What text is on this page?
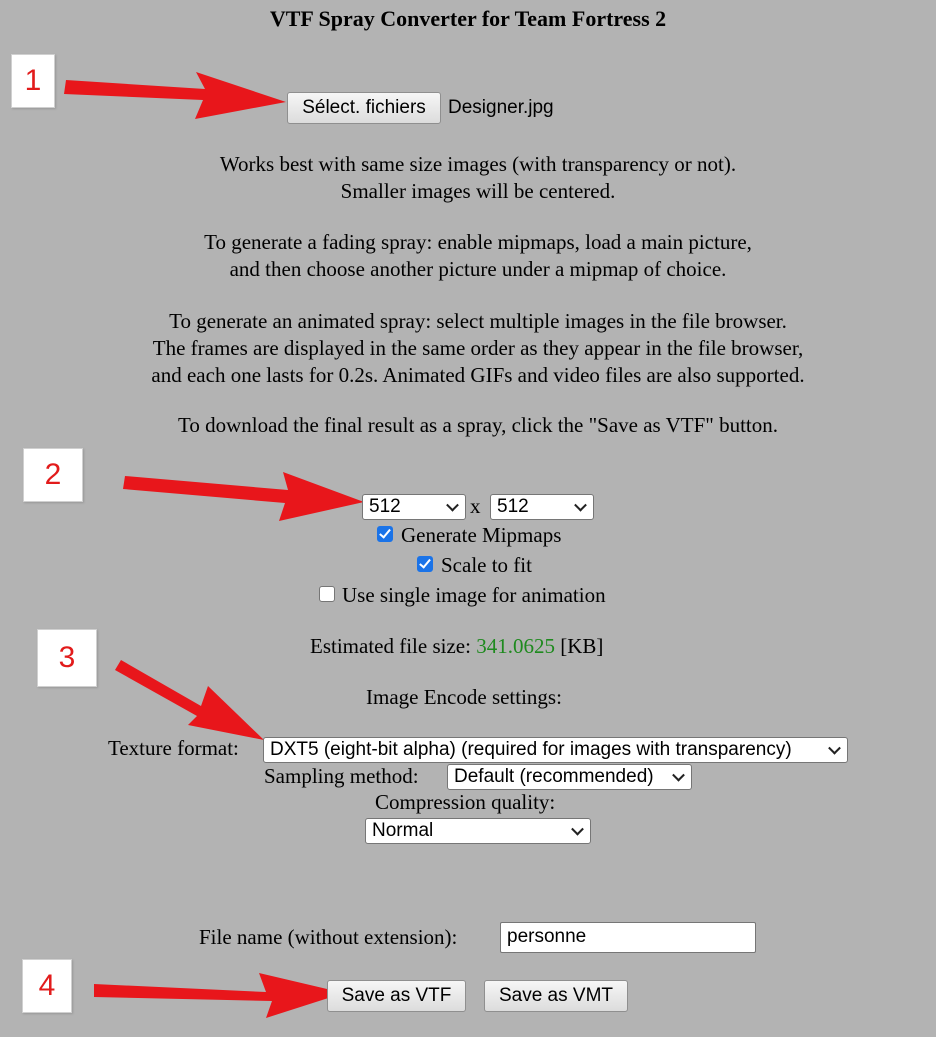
VTF Spray Converter for Team Fortress 2
1
Sélect. fichiers	Designer.jpg
Works best with same size images (with transparency or not).
Smaller images will be centered.
To generate a fading spray: enable mipmaps, load a main picture,
and then choose another picture under a mipmap of choice.
To generate an animated spray: select multiple images in the file browser.
The frames are displayed in the same order as they appear in the file browser,
and each one lasts for 0.2s. Animated GIFs and video files are also supported.
To download the final result as a spray, click the "Save as VTF" button.
2
512	x 512
Generate Mipmaps
Scale to fit
Use single image for animation
3	Estimated file size: 341.0625 [KB]
Image Encode settings:
Texture format:	DXT5 (eight-bit alpha) (required for images with transparency)
Sampling method:	Default (recommended)
Compression quality:
Normal
File name (without extension):	personne
4	Save as VTF	Save as VMT
